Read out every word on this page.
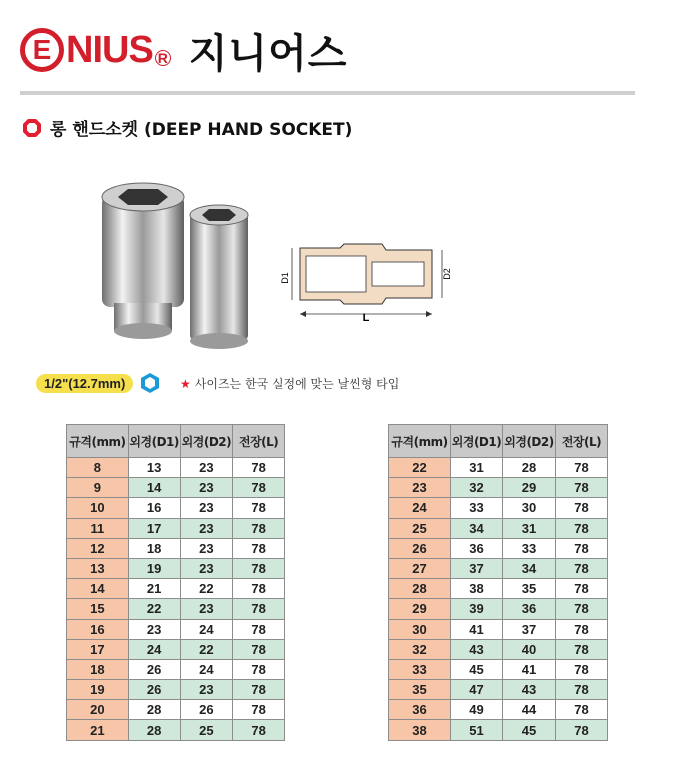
E NIUS R 지니어스
롱 핸드소켓 (DEEP HAND SOCKET)
D1	D2
L
1/2"(12.7mm)	★ 사이즈는 한국 실정에 맞는 날씬형 타입
규격(mm)	외경(D1)	외경(D2)	전장(L)
8	13	23	78
9	14	23	78
10	16	23	78
11	17	23	78
12	18	23	78
13	19	23	78
14	21	22	78
15	22	23	78
16	23	24	78
17	24	22	78
18	26	24	78
19	26	23	78
20	28	26	78
21	28	25	78
규격(mm)	외경(D1)	외경(D2)	전장(L)
22	31	28	78
23	32	29	78
24	33	30	78
25	34	31	78
26	36	33	78
27	37	34	78
28	38	35	78
29	39	36	78
30	41	37	78
32	43	40	78
33	45	41	78
35	47	43	78
36	49	44	78
38	51	45	78
